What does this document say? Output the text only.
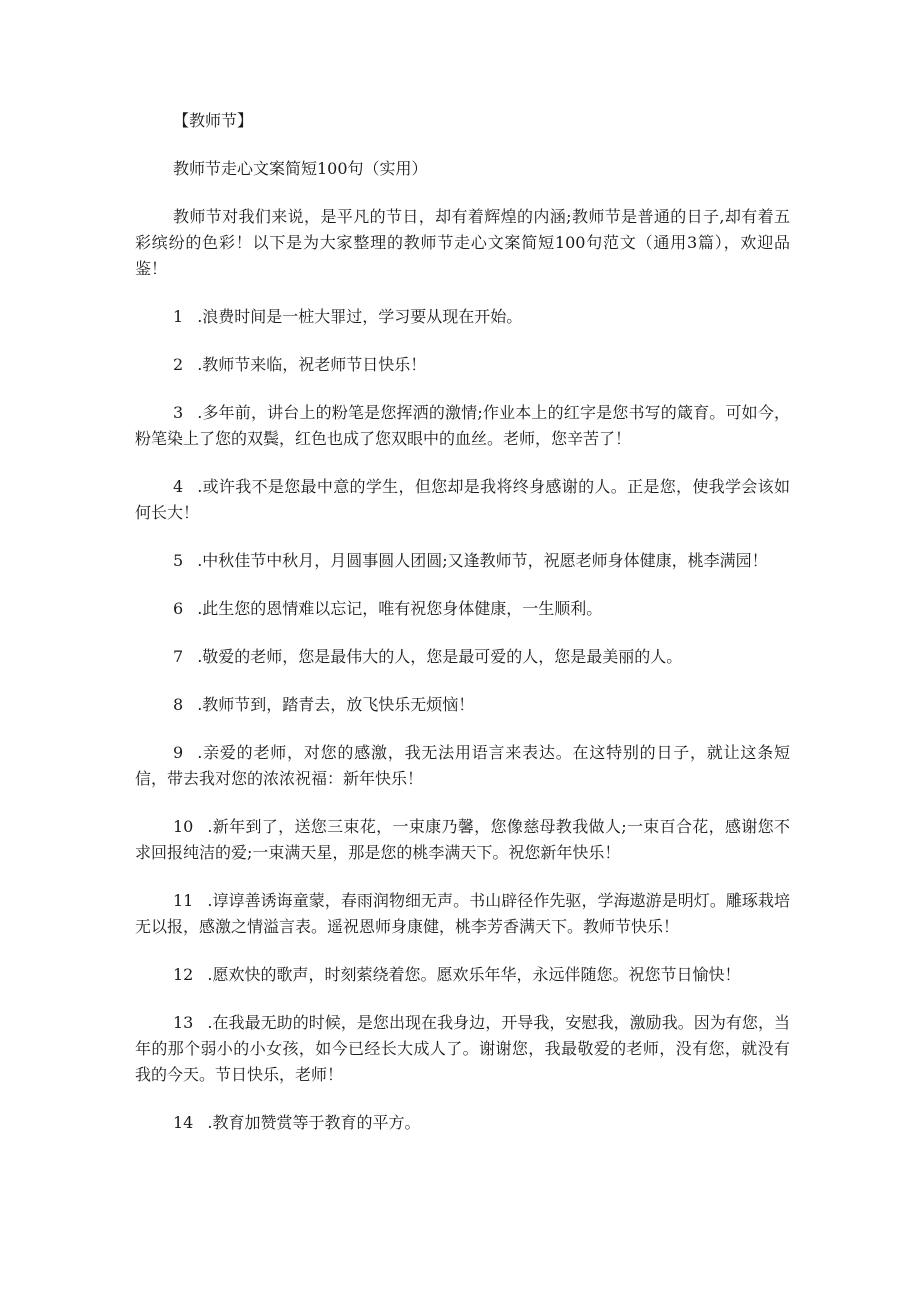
【教师节】

教师节走心文案简短100句（实用）

教师节对我们来说，是平凡的节日，却有着辉煌的内涵;教师节是普通的日子,却有着五彩缤纷的色彩！以下是为大家整理的教师节走心文案简短100句范文（通用3篇），欢迎品鉴！

1 .浪费时间是一桩大罪过，学习要从现在开始。

2 .教师节来临，祝老师节日快乐！

3 .多年前，讲台上的粉笔是您挥洒的激情;作业本上的红字是您书写的箴育。可如今，粉笔染上了您的双鬓，红色也成了您双眼中的血丝。老师，您辛苦了！

4 .或许我不是您最中意的学生，但您却是我将终身感谢的人。正是您，使我学会该如何长大！

5 .中秋佳节中秋月，月圆事圆人团圆;又逢教师节，祝愿老师身体健康，桃李满园！

6 .此生您的恩情难以忘记，唯有祝您身体健康，一生顺利。

7 .敬爱的老师，您是最伟大的人，您是最可爱的人，您是最美丽的人。

8 .教师节到，踏青去，放飞快乐无烦恼！

9 .亲爱的老师，对您的感激，我无法用语言来表达。在这特别的日子，就让这条短信，带去我对您的浓浓祝福：新年快乐！

10 .新年到了，送您三束花，一束康乃馨，您像慈母教我做人;一束百合花，感谢您不求回报纯洁的爱;一束满天星，那是您的桃李满天下。祝您新年快乐！

11 .谆谆善诱诲童蒙，春雨润物细无声。书山辟径作先驱，学海遨游是明灯。雕琢栽培无以报，感激之情溢言表。遥祝恩师身康健，桃李芳香满天下。教师节快乐！

12 .愿欢快的歌声，时刻萦绕着您。愿欢乐年华，永远伴随您。祝您节日愉快！

13 .在我最无助的时候，是您出现在我身边，开导我，安慰我，激励我。因为有您，当年的那个弱小的小女孩，如今已经长大成人了。谢谢您，我最敬爱的老师，没有您，就没有我的今天。节日快乐，老师！

14 .教育加赞赏等于教育的平方。
